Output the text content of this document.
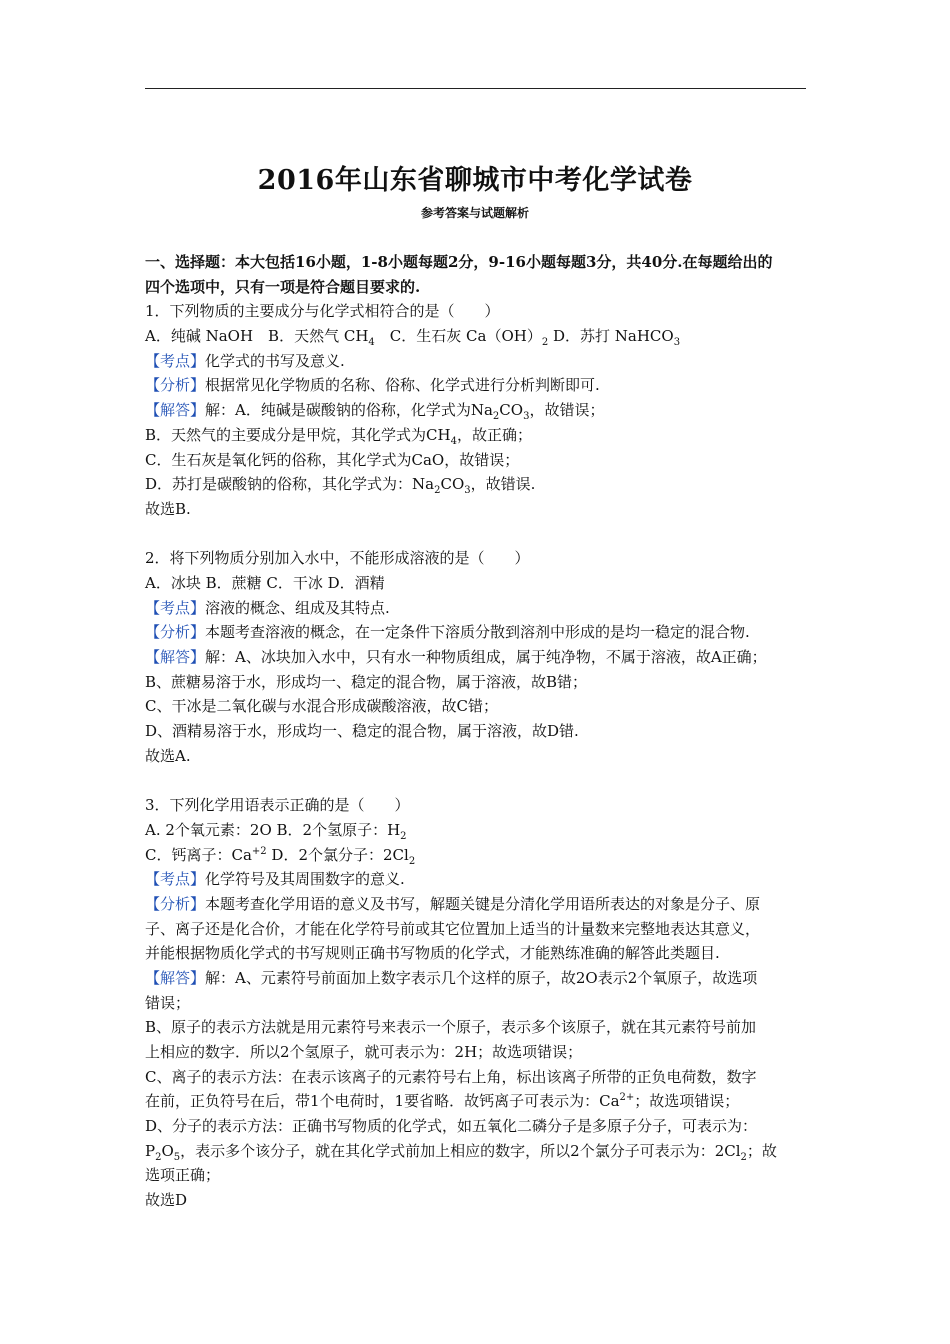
2016年山东省聊城市中考化学试卷
参考答案与试题解析
一、选择题：本大包括16小题，1-8小题每题2分，9-16小题每题3分，共40分.在每题给出的
四个选项中，只有一项是符合题目要求的.
1．下列物质的主要成分与化学式相符合的是（　　）
A．纯碱 NaOH　B．天然气 $CH_4$　C．生石灰 $Ca(OH)_2$ D．苏打 NaHCO$_3$
【考点】化学式的书写及意义.
【分析】根据常见化学物质的名称、俗称、化学式进行分析判断即可.
【解答】解：A．纯碱是碳酸钠的俗称，化学式为$Na_2CO_3$，故错误；
B．天然气的主要成分是甲烷，其化学式为$CH_4$，故正确；
C．生石灰是氧化钙的俗称，其化学式为CaO，故错误；
D．苏打是碳酸钠的俗称，其化学式为：$Na_2CO_3$，故错误.
故选B.
2．将下列物质分别加入水中，不能形成溶液的是（　　）
A．冰块 B．蔗糖 C．干冰 D．酒精
【考点】溶液的概念、组成及其特点.
【分析】本题考查溶液的概念，在一定条件下溶质分散到溶剂中形成的是均一稳定的混合物.
【解答】解：A、冰块加入水中，只有水一种物质组成，属于纯净物，不属于溶液，故A正确；
B、蔗糖易溶于水，形成均一、稳定的混合物，属于溶液，故B错；
C、干冰是二氧化碳与水混合形成碳酸溶液，故C错；
D、酒精易溶于水，形成均一、稳定的混合物，属于溶液，故D错.
故选A.
3．下列化学用语表示正确的是（　　）
A. 2个氧元素：2O B．2个氢原子：$H_2$
C．钙离子：$Ca^{+2}$ D．2个氯分子：$2Cl_2$
【考点】化学符号及其周围数字的意义.
【分析】本题考查化学用语的意义及书写，解题关键是分清化学用语所表达的对象是分子、原
子、离子还是化合价，才能在化学符号前或其它位置加上适当的计量数来完整地表达其意义，
并能根据物质化学式的书写规则正确书写物质的化学式，才能熟练准确的解答此类题目.
【解答】解：A、元素符号前面加上数字表示几个这样的原子，故2O表示2个氧原子，故选项
错误；
B、原子的表示方法就是用元素符号来表示一个原子，表示多个该原子，就在其元素符号前加
上相应的数字．所以2个氢原子，就可表示为：2H；故选项错误；
C、离子的表示方法：在表示该离子的元素符号右上角，标出该离子所带的正负电荷数，数字
在前，正负符号在后，带1个电荷时，1要省略．故钙离子可表示为：$Ca^{2+}$；故选项错误；
D、分子的表示方法：正确书写物质的化学式，如五氧化二磷分子是多原子分子，可表示为：
$P_2O_5$，表示多个该分子，就在其化学式前加上相应的数字，所以2个氯分子可表示为：$2Cl_2$；故
选项正确；
故选D
